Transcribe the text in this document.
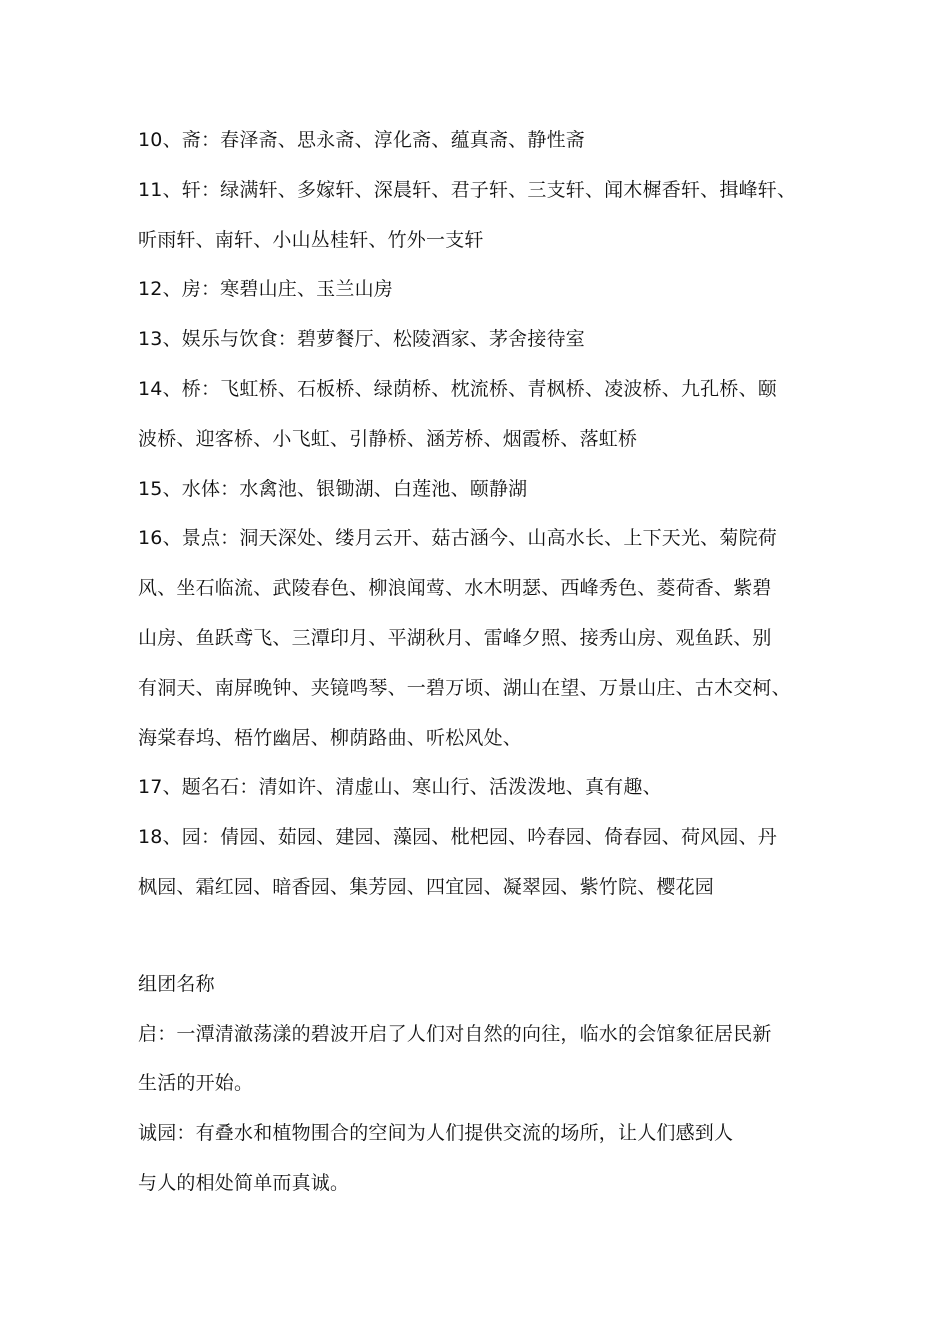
10、斋：春泽斋、思永斋、淳化斋、蕴真斋、静性斋
11、轩：绿满轩、多嫁轩、深晨轩、君子轩、三支轩、闻木樨香轩、揖峰轩、
听雨轩、南轩、小山丛桂轩、竹外一支轩
12、房：寒碧山庄、玉兰山房
13、娱乐与饮食：碧萝餐厅、松陵酒家、茅舍接待室
14、桥：飞虹桥、石板桥、绿荫桥、枕流桥、青枫桥、凌波桥、九孔桥、颐
波桥、迎客桥、小飞虹、引静桥、涵芳桥、烟霞桥、落虹桥
15、水体：水禽池、银锄湖、白莲池、颐静湖
16、景点：洞天深处、缕月云开、菇古涵今、山高水长、上下天光、菊院荷
风、坐石临流、武陵春色、柳浪闻莺、水木明瑟、西峰秀色、菱荷香、紫碧
山房、鱼跃鸢飞、三潭印月、平湖秋月、雷峰夕照、接秀山房、观鱼跃、别
有洞天、南屏晚钟、夹镜鸣琴、一碧万顷、湖山在望、万景山庄、古木交柯、
海棠春坞、梧竹幽居、柳荫路曲、听松风处、
17、题名石：清如许、清虚山、寒山行、活泼泼地、真有趣、
18、园：倩园、茹园、建园、藻园、枇杷园、吟春园、倚春园、荷风园、丹
枫园、霜红园、暗香园、集芳园、四宜园、凝翠园、紫竹院、樱花园
组团名称
启：一潭清澈荡漾的碧波开启了人们对自然的向往，临水的会馆象征居民新
生活的开始。
诚园：有叠水和植物围合的空间为人们提供交流的场所，让人们感到人
与人的相处简单而真诚。
